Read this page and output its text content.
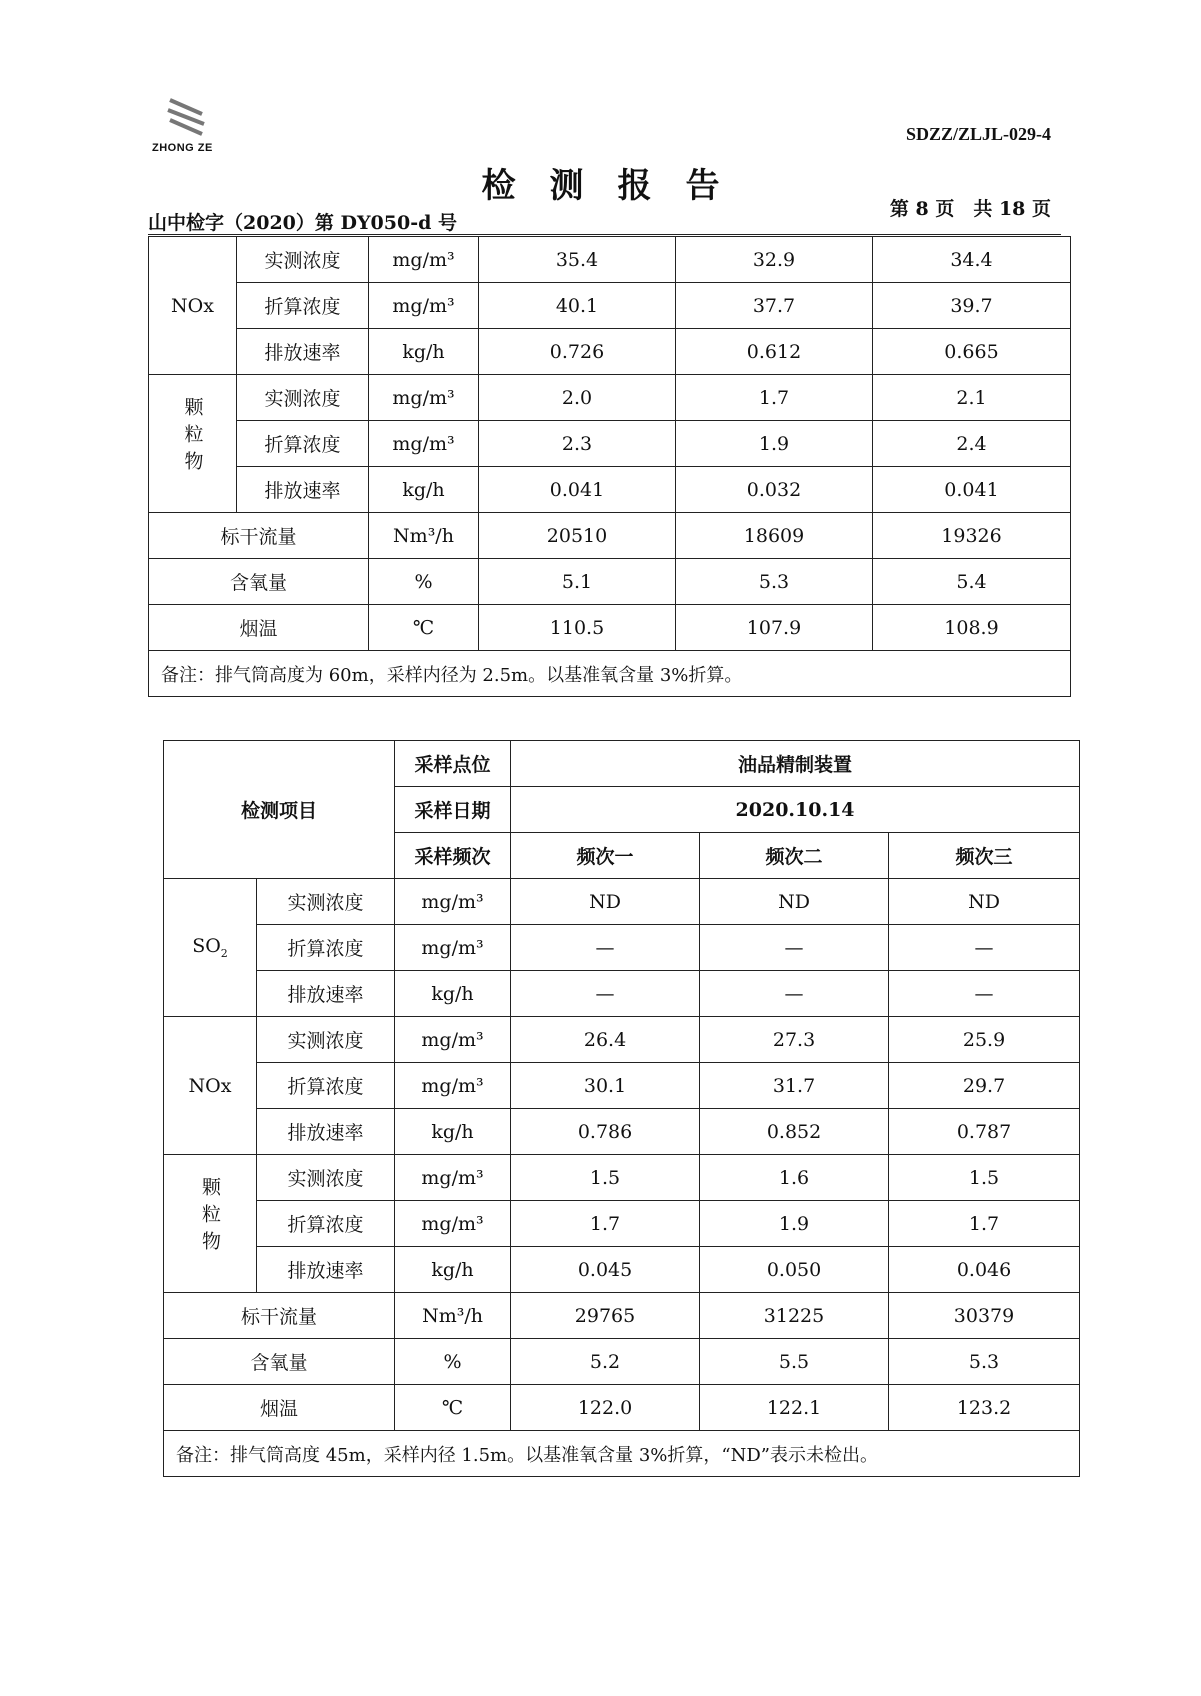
ZHONG ZE
SDZZ/ZLJL-029-4
检测报告
山中检字（2020）第 DY050-d 号
第 8 页　共 18 页
NOx	实测浓度	mg/m³	35.4	32.9	34.4
	折算浓度	mg/m³	40.1	37.7	39.7
	排放速率	kg/h	0.726	0.612	0.665
颗粒物	实测浓度	mg/m³	2.0	1.7	2.1
	折算浓度	mg/m³	2.3	1.9	2.4
	排放速率	kg/h	0.041	0.032	0.041
标干流量		Nm³/h	20510	18609	19326
含氧量		%	5.1	5.3	5.4
烟温		℃	110.5	107.9	108.9
备注：排气筒高度为 60m，采样内径为 2.5m。以基准氧含量 3%折算。					
检测项目		采样点位	油品精制装置		
		采样日期	2020.10.14		
		采样频次	频次一	频次二	频次三
$SO_2$	实测浓度	mg/m³	ND	ND	ND
	折算浓度	mg/m³	—	—	—
	排放速率	kg/h	—	—	—
NOx	实测浓度	mg/m³	26.4	27.3	25.9
	折算浓度	mg/m³	30.1	31.7	29.7
	排放速率	kg/h	0.786	0.852	0.787
颗粒物	实测浓度	mg/m³	1.5	1.6	1.5
	折算浓度	mg/m³	1.7	1.9	1.7
	排放速率	kg/h	0.045	0.050	0.046
标干流量		Nm³/h	29765	31225	30379
含氧量		%	5.2	5.5	5.3
烟温		℃	122.0	122.1	123.2
备注：排气筒高度 45m，采样内径 1.5m。以基准氧含量 3%折算，“ND”表示未检出。					
